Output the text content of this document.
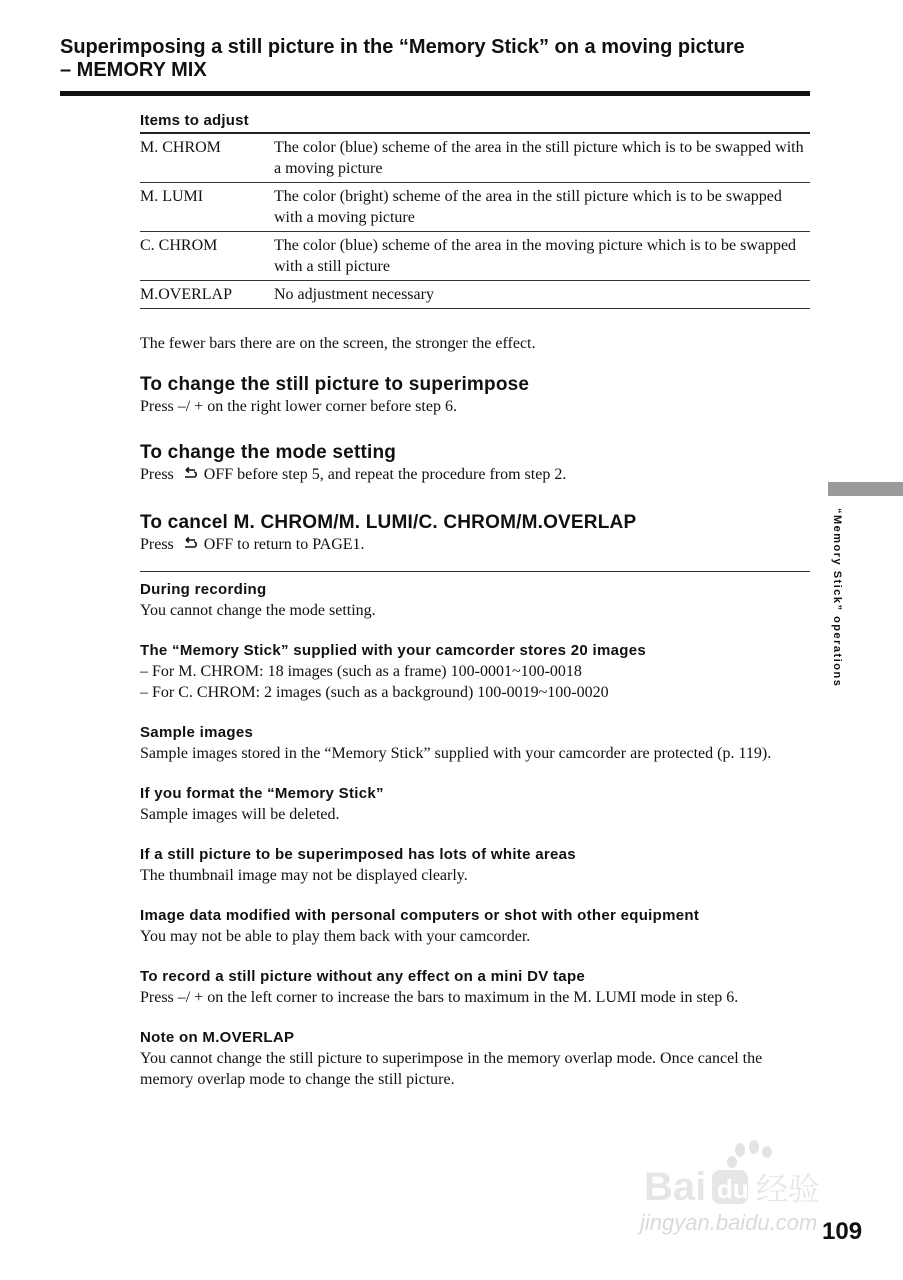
Superimposing a still picture in the “Memory Stick” on a moving picture
– MEMORY MIX
Items to adjust
M. CHROM	The color (blue) scheme of the area in the still picture which is to be swapped with a moving picture
M. LUMI	The color (bright) scheme of the area in the still picture which is to be swapped with a moving picture
C. CHROM	The color (blue) scheme of the area in the moving picture which is to be swapped with a still picture
M.OVERLAP	No adjustment necessary

The fewer bars there are on the screen, the stronger the effect.

To change the still picture to superimpose

Press –/ + on the right lower corner before step 6.

To change the mode setting

Press OFF before step 5, and repeat the procedure from step 2.

To cancel M. CHROM/M. LUMI/C. CHROM/M.OVERLAP

Press OFF to return to PAGE1.

During recording

You cannot change the mode setting.

The “Memory Stick” supplied with your camcorder stores 20 images

– For M. CHROM: 18 images (such as a frame) 100-0001~100-0018

– For C. CHROM: 2 images (such as a background) 100-0019~100-0020

Sample images

Sample images stored in the “Memory Stick” supplied with your camcorder are protected (p. 119).

If you format the “Memory Stick”

Sample images will be deleted.

If a still picture to be superimposed has lots of white areas

The thumbnail image may not be displayed clearly.

Image data modified with personal computers or shot with other equipment

You may not be able to play them back with your camcorder.

To record a still picture without any effect on a mini DV tape

Press –/ + on the left corner to increase the bars to maximum in the M. LUMI mode in step 6.

Note on M.OVERLAP

You cannot change the still picture to superimpose in the memory overlap mode. Once cancel the memory overlap mode to change the still picture.

“Memory Stick” operations
Bai du 经验
jingyan.baidu.com 109
